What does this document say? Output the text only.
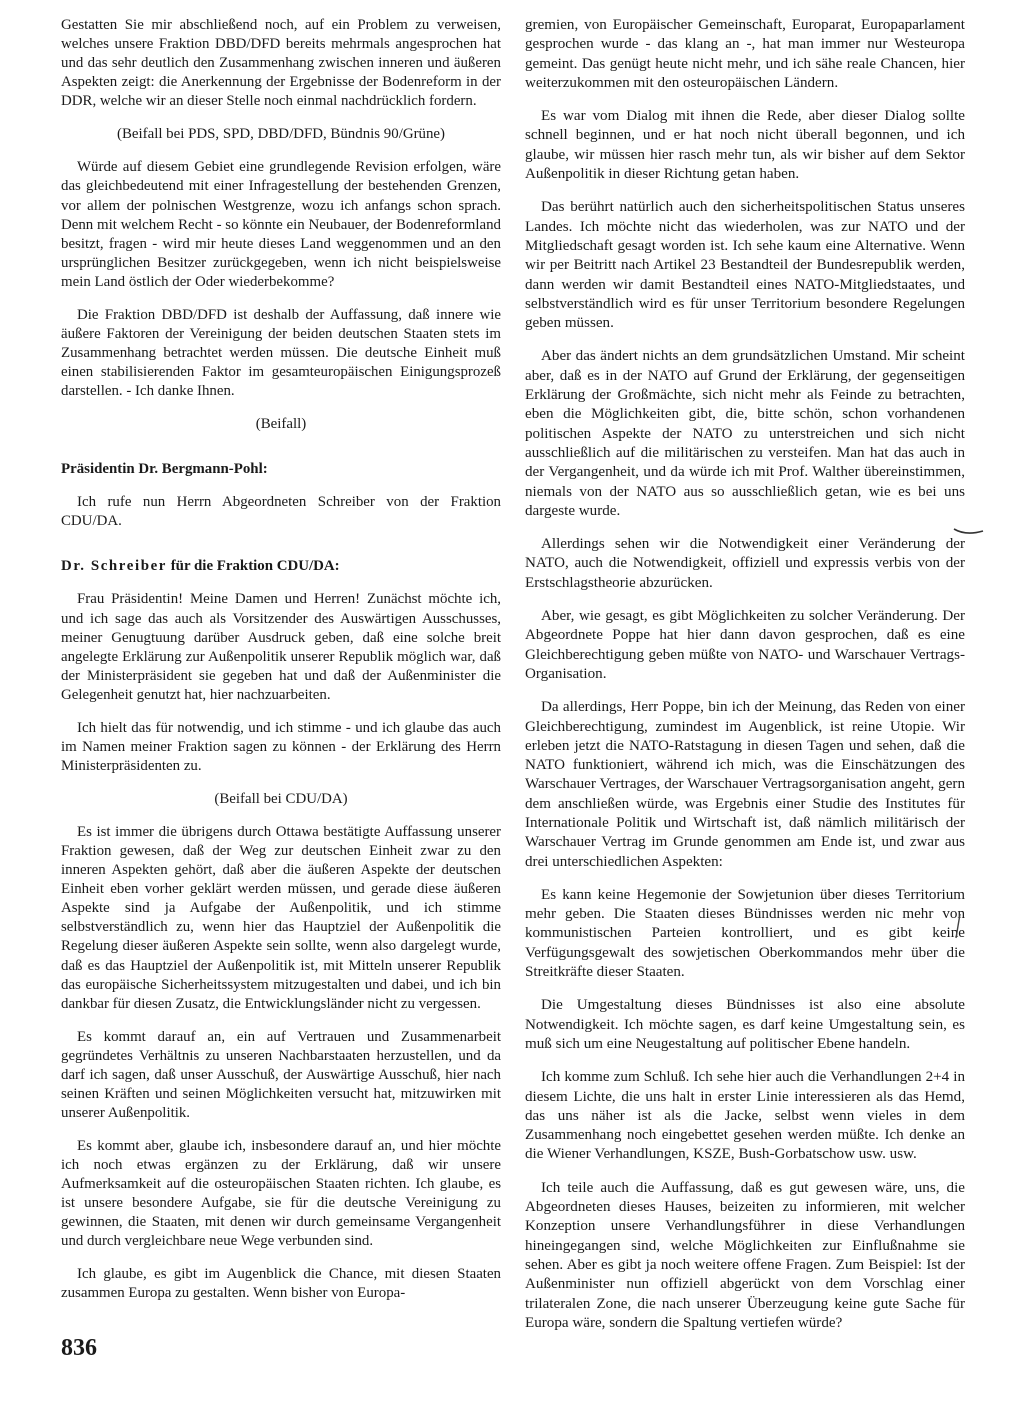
Gestatten Sie mir abschließend noch, auf ein Problem zu verweisen, welches unsere Fraktion DBD/DFD bereits mehrmals angesprochen hat und das sehr deutlich den Zusammenhang zwischen inneren und äußeren Aspekten zeigt: die Anerkennung der Ergebnisse der Bodenreform in der DDR, welche wir an dieser Stelle noch einmal nachdrücklich fordern.

(Beifall bei PDS, SPD, DBD/DFD, Bündnis 90/Grüne)

Würde auf diesem Gebiet eine grundlegende Revision erfolgen, wäre das gleichbedeutend mit einer Infragestellung der bestehenden Grenzen, vor allem der polnischen Westgrenze, wozu ich anfangs schon sprach. Denn mit welchem Recht - so könnte ein Neubauer, der Bodenreformland besitzt, fragen - wird mir heute dieses Land weggenommen und an den ursprünglichen Besitzer zurückgegeben, wenn ich nicht beispielsweise mein Land östlich der Oder wiederbekomme?

Die Fraktion DBD/DFD ist deshalb der Auffassung, daß innere wie äußere Faktoren der Vereinigung der beiden deutschen Staaten stets im Zusammenhang betrachtet werden müssen. Die deutsche Einheit muß einen stabilisierenden Faktor im gesamteuropäischen Einigungsprozeß darstellen. - Ich danke Ihnen.

(Beifall)

Präsidentin Dr. Bergmann-Pohl:

Ich rufe nun Herrn Abgeordneten Schreiber von der Fraktion CDU/DA.

Dr. Schreiber für die Fraktion CDU/DA:

Frau Präsidentin! Meine Damen und Herren! Zunächst möchte ich, und ich sage das auch als Vorsitzender des Auswärtigen Ausschusses, meiner Genugtuung darüber Ausdruck geben, daß eine solche breit angelegte Erklärung zur Außenpolitik unserer Republik möglich war, daß der Ministerpräsident sie gegeben hat und daß der Außenminister die Gelegenheit genutzt hat, hier nachzuarbeiten.

Ich hielt das für notwendig, und ich stimme - und ich glaube das auch im Namen meiner Fraktion sagen zu können - der Erklärung des Herrn Ministerpräsidenten zu.

(Beifall bei CDU/DA)

Es ist immer die übrigens durch Ottawa bestätigte Auffassung unserer Fraktion gewesen, daß der Weg zur deutschen Einheit zwar zu den inneren Aspekten gehört, daß aber die äußeren Aspekte der deutschen Einheit eben vorher geklärt werden müssen, und gerade diese äußeren Aspekte sind ja Aufgabe der Außenpolitik, und ich stimme selbstverständlich zu, wenn hier das Hauptziel der Außenpolitik die Regelung dieser äußeren Aspekte sein sollte, wenn also dargelegt wurde, daß es das Hauptziel der Außenpolitik ist, mit Mitteln unserer Republik das europäische Sicherheitssystem mitzugestalten und dabei, und ich bin dankbar für diesen Zusatz, die Entwicklungsländer nicht zu vergessen.

Es kommt darauf an, ein auf Vertrauen und Zusammenarbeit gegründetes Verhältnis zu unseren Nachbarstaaten herzustellen, und da darf ich sagen, daß unser Ausschuß, der Auswärtige Ausschuß, hier nach seinen Kräften und seinen Möglichkeiten versucht hat, mitzuwirken mit unserer Außenpolitik.

Es kommt aber, glaube ich, insbesondere darauf an, und hier möchte ich noch etwas ergänzen zu der Erklärung, daß wir unsere Aufmerksamkeit auf die osteuropäischen Staaten richten. Ich glaube, es ist unsere besondere Aufgabe, sie für die deutsche Vereinigung zu gewinnen, die Staaten, mit denen wir durch gemeinsame Vergangenheit und durch vergleichbare neue Wege verbunden sind.

Ich glaube, es gibt im Augenblick die Chance, mit diesen Staaten zusammen Europa zu gestalten. Wenn bisher von Europa-

gremien, von Europäischer Gemeinschaft, Europarat, Europaparlament gesprochen wurde - das klang an -, hat man immer nur Westeuropa gemeint. Das genügt heute nicht mehr, und ich sähe reale Chancen, hier weiterzukommen mit den osteuropäischen Ländern.

Es war vom Dialog mit ihnen die Rede, aber dieser Dialog sollte schnell beginnen, und er hat noch nicht überall begonnen, und ich glaube, wir müssen hier rasch mehr tun, als wir bisher auf dem Sektor Außenpolitik in dieser Richtung getan haben.

Das berührt natürlich auch den sicherheitspolitischen Status unseres Landes. Ich möchte nicht das wiederholen, was zur NATO und der Mitgliedschaft gesagt worden ist. Ich sehe kaum eine Alternative. Wenn wir per Beitritt nach Artikel 23 Bestandteil der Bundesrepublik werden, dann werden wir damit Bestandteil eines NATO-Mitgliedstaates, und selbstverständlich wird es für unser Territorium besondere Regelungen geben müssen.

Aber das ändert nichts an dem grundsätzlichen Umstand. Mir scheint aber, daß es in der NATO auf Grund der Erklärung, der gegenseitigen Erklärung der Großmächte, sich nicht mehr als Feinde zu betrachten, eben die Möglichkeiten gibt, die, bitte schön, schon vorhandenen politischen Aspekte der NATO zu unterstreichen und sich nicht ausschließlich auf die militärischen zu versteifen. Man hat das auch in der Vergangenheit, und da würde ich mit Prof. Walther übereinstimmen, niemals von der NATO aus so ausschließlich getan, wie es bei uns dargeste wurde.

Allerdings sehen wir die Notwendigkeit einer Veränderung der NATO, auch die Notwendigkeit, offiziell und expressis verbis von der Erstschlagstheorie abzurücken.

Aber, wie gesagt, es gibt Möglichkeiten zu solcher Veränderung. Der Abgeordnete Poppe hat hier dann davon gesprochen, daß es eine Gleichberechtigung geben müßte von NATO- und Warschauer Vertrags-Organisation.

Da allerdings, Herr Poppe, bin ich der Meinung, das Reden von einer Gleichberechtigung, zumindest im Augenblick, ist reine Utopie. Wir erleben jetzt die NATO-Ratstagung in diesen Tagen und sehen, daß die NATO funktioniert, während ich mich, was die Einschätzungen des Warschauer Vertrages, der Warschauer Vertragsorganisation angeht, gern dem anschließen würde, was Ergebnis einer Studie des Institutes für Internationale Politik und Wirtschaft ist, daß nämlich militärisch der Warschauer Vertrag im Grunde genommen am Ende ist, und zwar aus drei unterschiedlichen Aspekten:

Es kann keine Hegemonie der Sowjetunion über dieses Territorium mehr geben. Die Staaten dieses Bündnisses werden nic mehr von kommunistischen Parteien kontrolliert, und es gibt keine Verfügungsgewalt des sowjetischen Oberkommandos mehr über die Streitkräfte dieser Staaten.

Die Umgestaltung dieses Bündnisses ist also eine absolute Notwendigkeit. Ich möchte sagen, es darf keine Umgestaltung sein, es muß sich um eine Neugestaltung auf politischer Ebene handeln.

Ich komme zum Schluß. Ich sehe hier auch die Verhandlungen 2+4 in diesem Lichte, die uns halt in erster Linie interessieren als das Hemd, das uns näher ist als die Jacke, selbst wenn vieles in dem Zusammenhang noch eingebettet gesehen werden müßte. Ich denke an die Wiener Verhandlungen, KSZE, Bush-Gorbatschow usw. usw.

Ich teile auch die Auffassung, daß es gut gewesen wäre, uns, die Abgeordneten dieses Hauses, beizeiten zu informieren, mit welcher Konzeption unsere Verhandlungsführer in diese Verhandlungen hineingegangen sind, welche Möglichkeiten zur Einflußnahme sie sehen. Aber es gibt ja noch weitere offene Fragen. Zum Beispiel: Ist der Außenminister nun offiziell abgerückt von dem Vorschlag einer trilateralen Zone, die nach unserer Überzeugung keine gute Sache für Europa wäre, sondern die Spaltung vertiefen würde?

836
